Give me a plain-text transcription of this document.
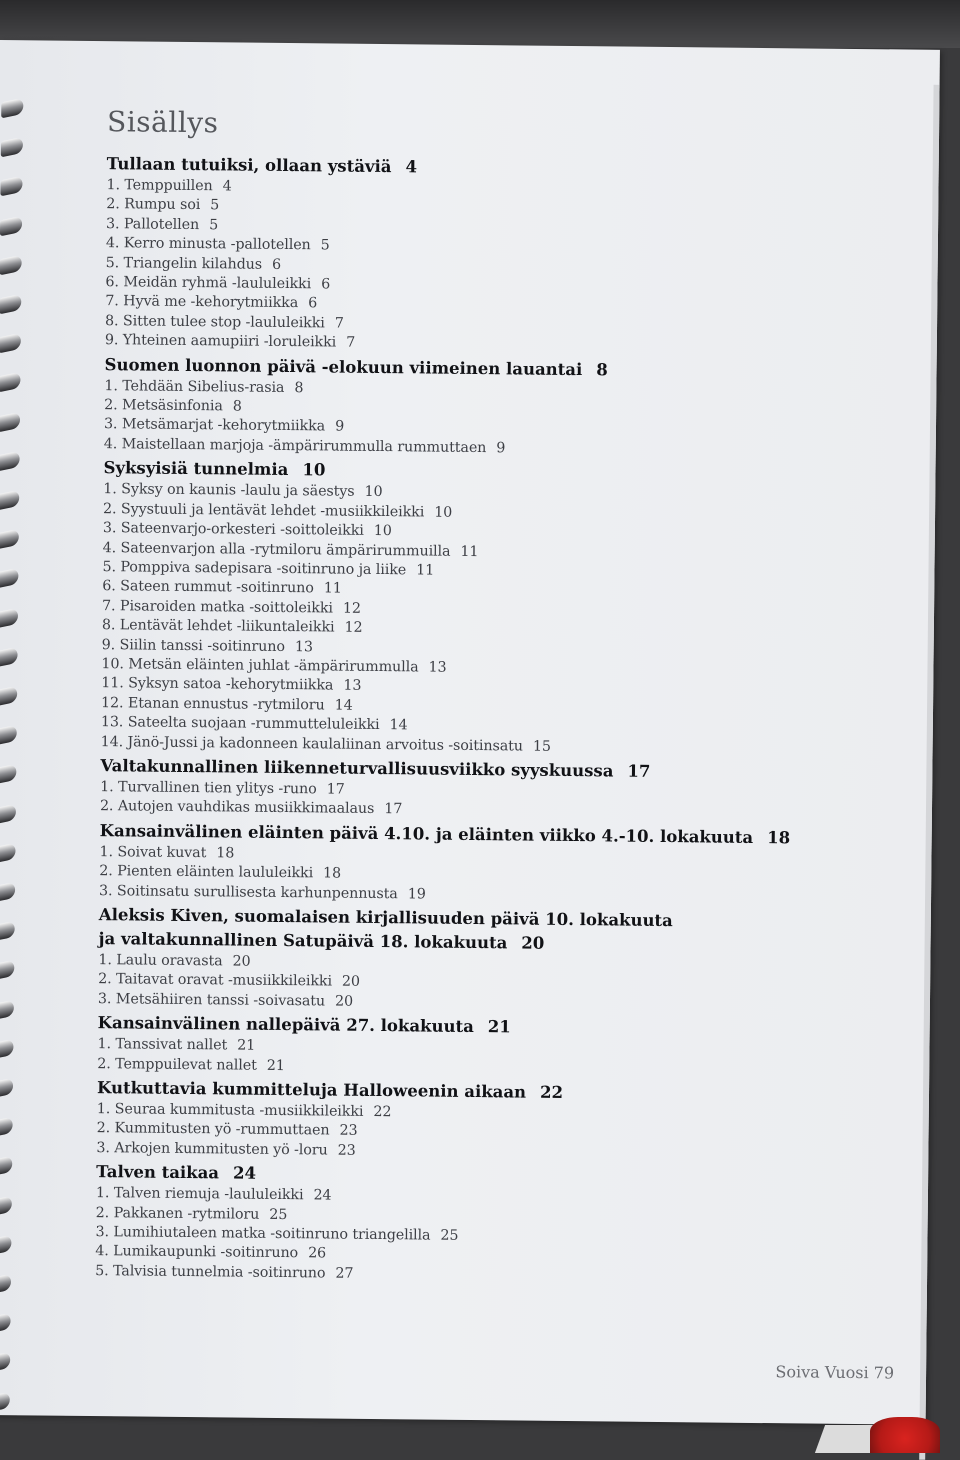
Sisällys
Tullaan tutuiksi, ollaan ystäviä 4
1. Temppuillen 4
2. Rumpu soi 5
3. Pallotellen 5
4. Kerro minusta -pallotellen 5
5. Triangelin kilahdus 6
6. Meidän ryhmä -laululeikki 6
7. Hyvä me -kehorytmiikka 6
8. Sitten tulee stop -laululeikki 7
9. Yhteinen aamupiiri -loruleikki 7
Suomen luonnon päivä -elokuun viimeinen lauantai 8
1. Tehdään Sibelius-rasia 8
2. Metsäsinfonia 8
3. Metsämarjat -kehorytmiikka 9
4. Maistellaan marjoja -ämpärirummulla rummuttaen 9
Syksyisiä tunnelmia 10
1. Syksy on kaunis -laulu ja säestys 10
2. Syystuuli ja lentävät lehdet -musiikkileikki 10
3. Sateenvarjo-orkesteri -soittoleikki 10
4. Sateenvarjon alla -rytmiloru ämpärirummuilla 11
5. Pomppiva sadepisara -soitinruno ja liike 11
6. Sateen rummut -soitinruno 11
7. Pisaroiden matka -soittoleikki 12
8. Lentävät lehdet -liikuntaleikki 12
9. Siilin tanssi -soitinruno 13
10. Metsän eläinten juhlat -ämpärirummulla 13
11. Syksyn satoa -kehorytmiikka 13
12. Etanan ennustus -rytmiloru 14
13. Sateelta suojaan -rummutteluleikki 14
14. Jänö-Jussi ja kadonneen kaulaliinan arvoitus -soitinsatu 15
Valtakunnallinen liikenneturvallisuusviikko syyskuussa 17
1. Turvallinen tien ylitys -runo 17
2. Autojen vauhdikas musiikkimaalaus 17
Kansainvälinen eläinten päivä 4.10. ja eläinten viikko 4.-10. lokakuuta 18
1. Soivat kuvat 18
2. Pienten eläinten laululeikki 18
3. Soitinsatu surullisesta karhunpennusta 19
Aleksis Kiven, suomalaisen kirjallisuuden päivä 10. lokakuuta
ja valtakunnallinen Satupäivä 18. lokakuuta 20
1. Laulu oravasta 20
2. Taitavat oravat -musiikkileikki 20
3. Metsähiiren tanssi -soivasatu 20
Kansainvälinen nallepäivä 27. lokakuuta 21
1. Tanssivat nallet 21
2. Temppuilevat nallet 21
Kutkuttavia kummitteluja Halloweenin aikaan 22
1. Seuraa kummitusta -musiikkileikki 22
2. Kummitusten yö -rummuttaen 23
3. Arkojen kummitusten yö -loru 23
Talven taikaa 24
1. Talven riemuja -laululeikki 24
2. Pakkanen -rytmiloru 25
3. Lumihiutaleen matka -soitinruno triangelilla 25
4. Lumikaupunki -soitinruno 26
5. Talvisia tunnelmia -soitinruno 27
Soiva Vuosi 79
